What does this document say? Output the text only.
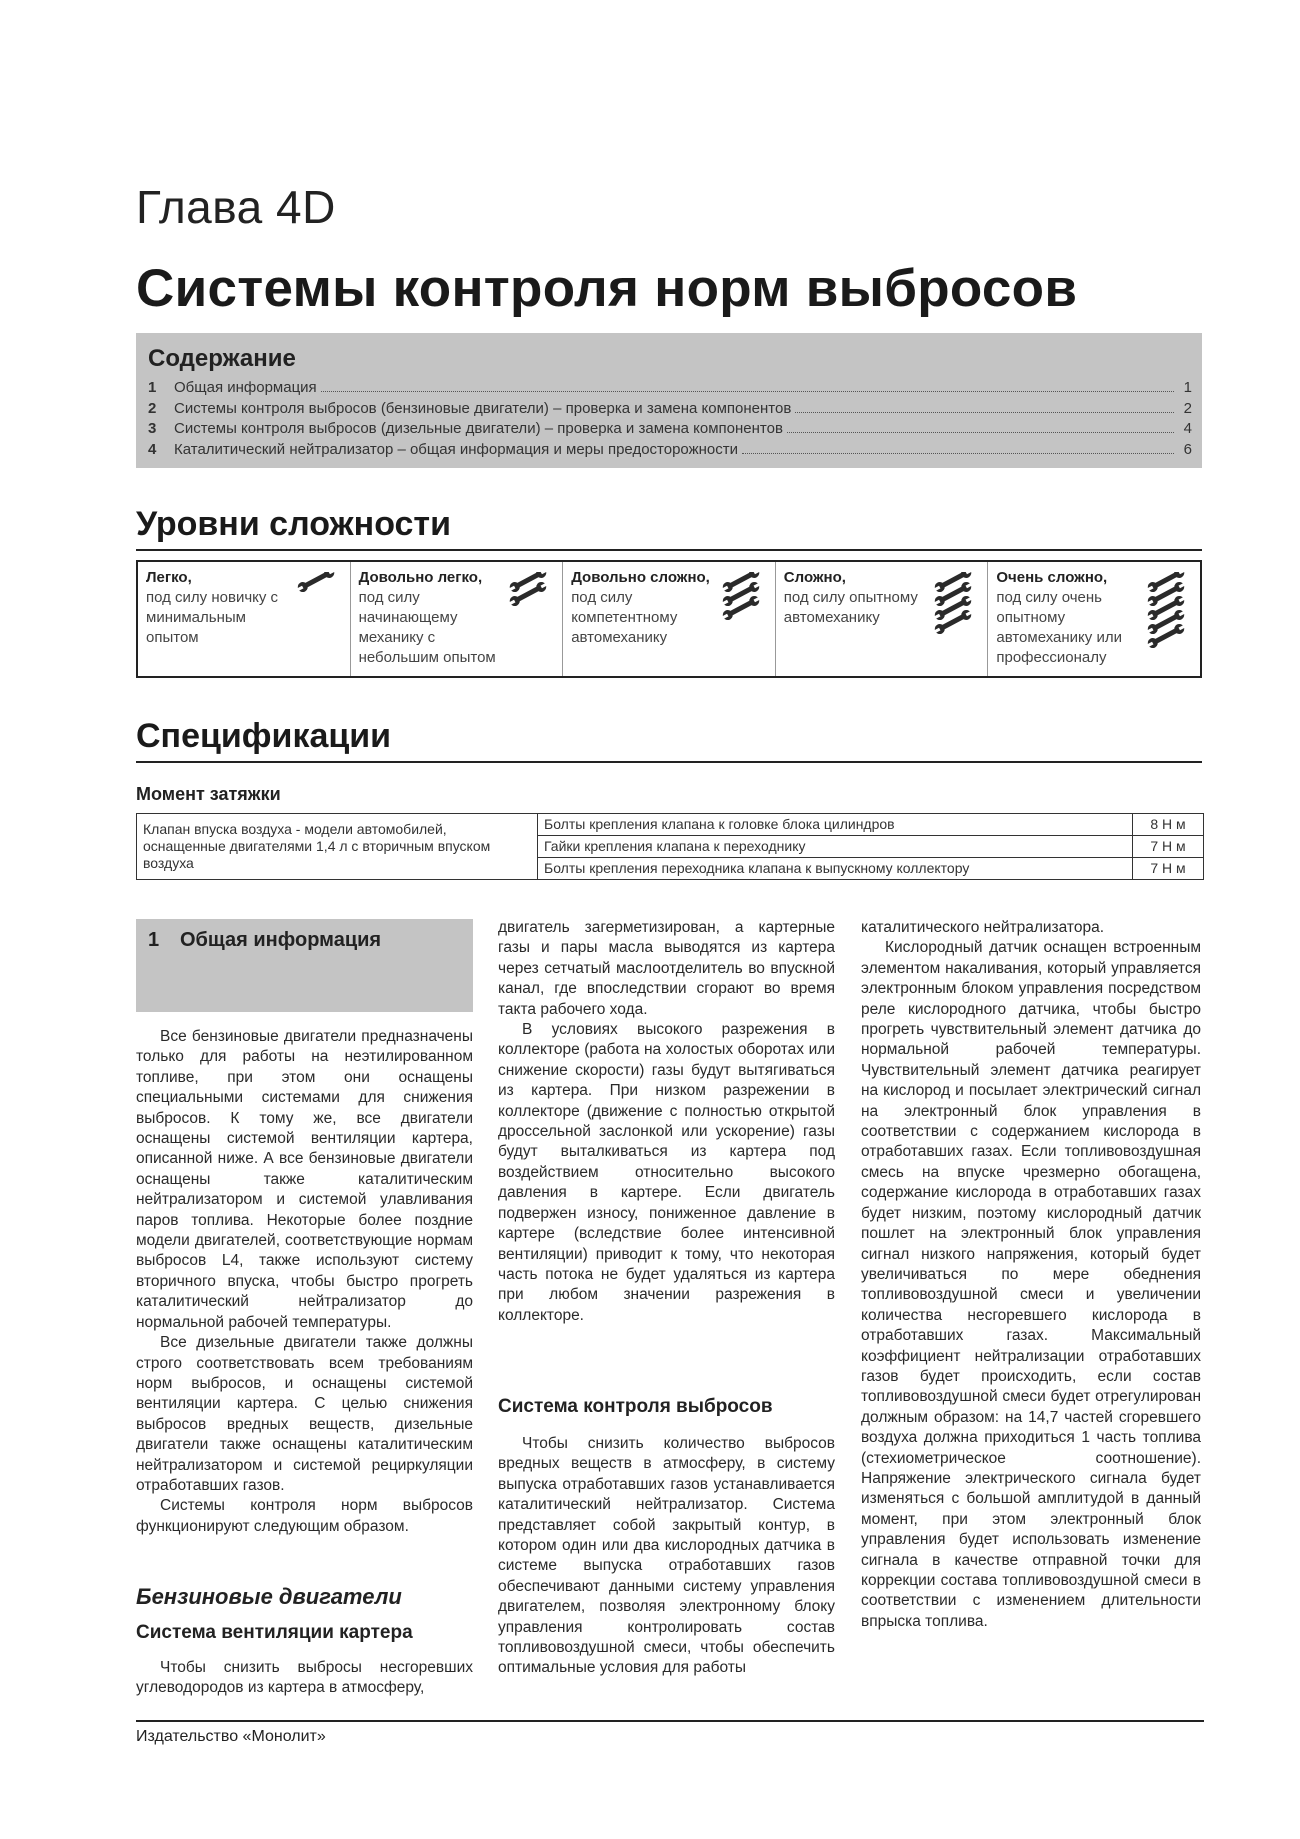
Глава 4D
Системы контроля норм выбросов
Содержание
1	Общая информация	1
2	Системы контроля выбросов (бензиновые двигатели) – проверка и замена компонентов	2
3	Системы контроля выбросов (дизельные двигатели) – проверка и замена компонентов	4
4	Каталитический нейтрализатор – общая информация и меры предосторожности	6
Уровни сложности
Легко,
под силу новичку с минимальным опытом
Довольно легко,
под силу начинающему механику с небольшим опытом
Довольно сложно,
под силу компетентному автомеханику
Сложно,
под силу опытному автомеханику
Очень сложно,
под силу очень опытному автомеханику или профессионалу
Спецификации
Момент затяжки
Клапан впуска воздуха - модели автомобилей, оснащенные двигателями 1,4 л с вторичным впуском воздуха	Болты крепления клапана к головке блока цилиндров	8 Н м
	Гайки крепления клапана к переходнику	7 Н м
	Болты крепления переходника клапана к выпускному коллектору	7 Н м
1 Общая информация

Все бензиновые двигатели предназначены только для работы на неэтилированном топливе, при этом они оснащены специальными системами для снижения выбросов. К тому же, все двигатели оснащены системой вентиляции картера, описанной ниже. А все бензиновые двигатели оснащены также каталитическим нейтрализатором и системой улавливания паров топлива. Некоторые более поздние модели двигателей, соответствующие нормам выбросов L4, также используют систему вторичного впуска, чтобы быстро прогреть каталитический нейтрализатор до нормальной рабочей температуры.

Все дизельные двигатели также должны строго соответствовать всем требованиям норм выбросов, и оснащены системой вентиляции картера. С целью снижения выбросов вредных веществ, дизельные двигатели также оснащены каталитическим нейтрализатором и системой рециркуляции отработавших газов.

Системы контроля норм выбросов функционируют следующим образом.

Бензиновые двигатели
Система вентиляции картера

Чтобы снизить выбросы несгоревших углеводородов из картера в атмосферу,

двигатель загерметизирован, а картерные газы и пары масла выводятся из картера через сетчатый маслоотделитель во впускной канал, где впоследствии сгорают во время такта рабочего хода.

В условиях высокого разрежения в коллекторе (работа на холостых оборотах или снижение скорости) газы будут вытягиваться из картера. При низком разрежении в коллекторе (движение с полностью открытой дроссельной заслонкой или ускорение) газы будут выталкиваться из картера под воздействием относительно высокого давления в картере. Если двигатель подвержен износу, пониженное давление в картере (вследствие более интенсивной вентиляции) приводит к тому, что некоторая часть потока не будет удаляться из картера при любом значении разрежения в коллекторе.

Система контроля выбросов

Чтобы снизить количество выбросов вредных веществ в атмосферу, в систему выпуска отработавших газов устанавливается каталитический нейтрализатор. Система представляет собой закрытый контур, в котором один или два кислородных датчика в системе выпуска отработавших газов обеспечивают данными систему управления двигателем, позволяя электронному блоку управления контролировать состав топливовоздушной смеси, чтобы обеспечить оптимальные условия для работы

каталитического нейтрализатора.

Кислородный датчик оснащен встроенным элементом накаливания, который управляется электронным блоком управления посредством реле кислородного датчика, чтобы быстро прогреть чувствительный элемент датчика до нормальной рабочей температуры. Чувствительный элемент датчика реагирует на кислород и посылает электрический сигнал на электронный блок управления в соответствии с содержанием кислорода в отработавших газах. Если топливовоздушная смесь на впуске чрезмерно обогащена, содержание кислорода в отработавших газах будет низким, поэтому кислородный датчик пошлет на электронный блок управления сигнал низкого напряжения, который будет увеличиваться по мере обеднения топливовоздушной смеси и увеличении количества несгоревшего кислорода в отработавших газах. Максимальный коэффициент нейтрализации отработавших газов будет происходить, если состав топливовоздушной смеси будет отрегулирован должным образом: на 14,7 частей сгоревшего воздуха должна приходиться 1 часть топлива (стехиометрическое соотношение). Напряжение электрического сигнала будет изменяться с большой амплитудой в данный момент, при этом электронный блок управления будет использовать изменение сигнала в качестве отправной точки для коррекции состава топливовоздушной смеси в соответствии с изменением длительности впрыска топлива.

Издательство «Монолит»
